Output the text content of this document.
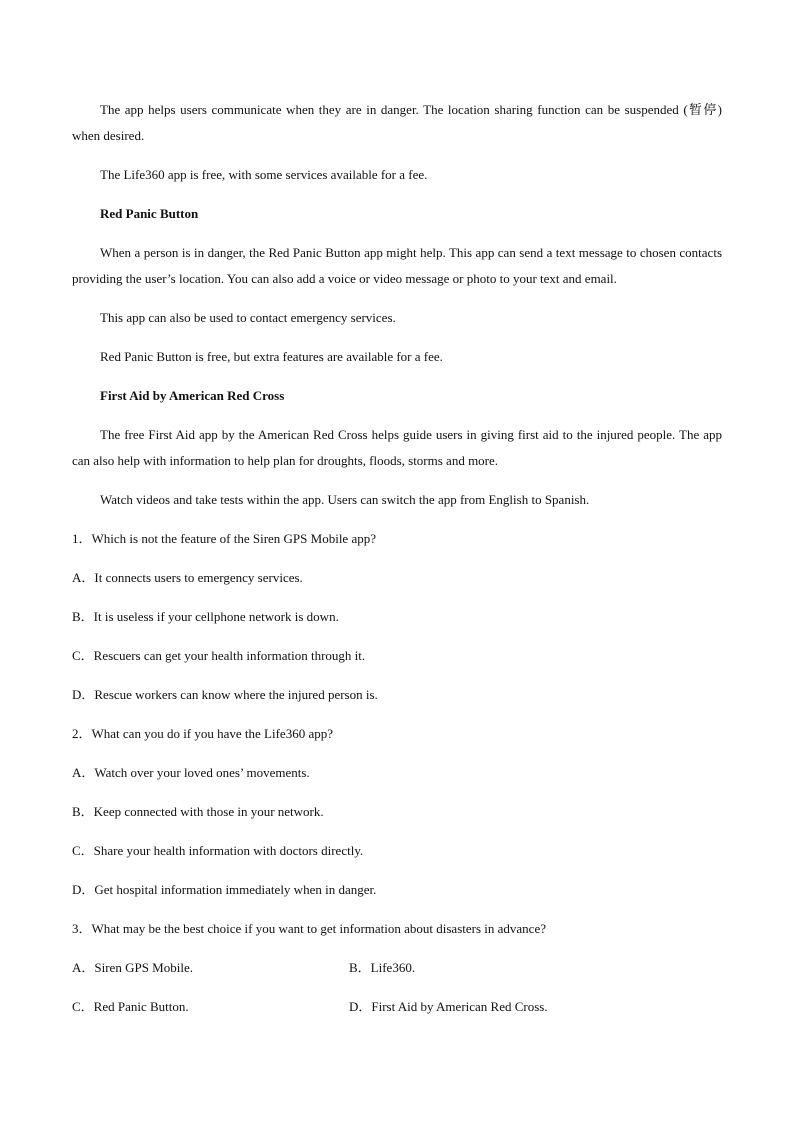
The app helps users communicate when they are in danger. The location sharing function can be suspended (暂停) when desired.

The Life360 app is free, with some services available for a fee.

Red Panic Button

When a person is in danger, the Red Panic Button app might help. This app can send a text message to chosen contacts providing the user’s location. You can also add a voice or video message or photo to your text and email.

This app can also be used to contact emergency services.

Red Panic Button is free, but extra features are available for a fee.

First Aid by American Red Cross

The free First Aid app by the American Red Cross helps guide users in giving first aid to the injured people. The app can also help with information to help plan for droughts, floods, storms and more.

Watch videos and take tests within the app. Users can switch the app from English to Spanish.

1．Which is not the feature of the Siren GPS Mobile app?

A．It connects users to emergency services.

B．It is useless if your cellphone network is down.

C．Rescuers can get your health information through it.

D．Rescue workers can know where the injured person is.

2．What can you do if you have the Life360 app?

A．Watch over your loved ones’ movements.

B．Keep connected with those in your network.

C．Share your health information with doctors directly.

D．Get hospital information immediately when in danger.

3．What may be the best choice if you want to get information about disasters in advance?

A．Siren GPS Mobile.	B．Life360.
C．Red Panic Button.	D．First Aid by American Red Cross.
